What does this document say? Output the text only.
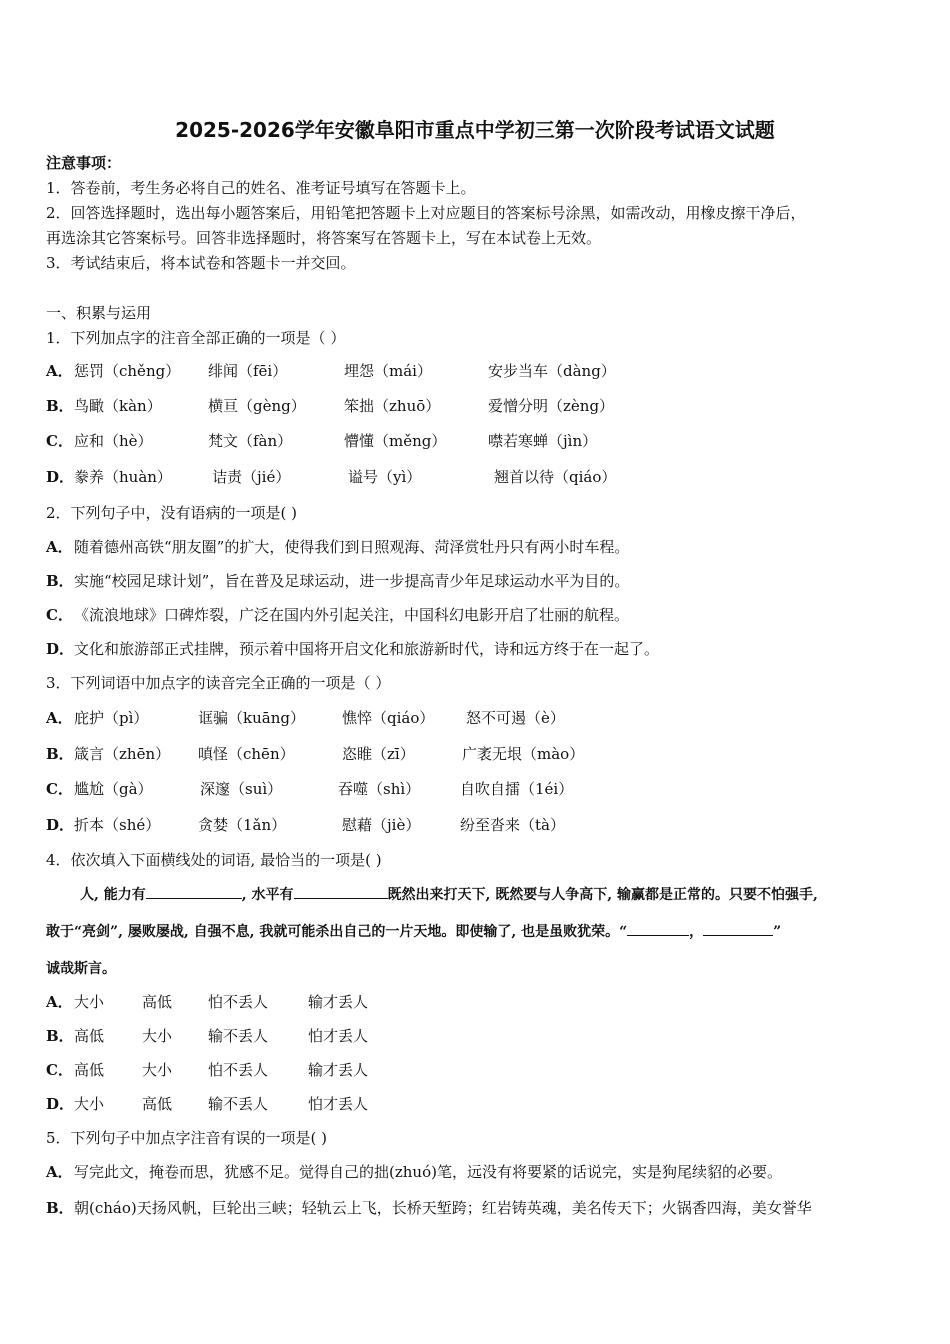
2025-2026学年安徽阜阳市重点中学初三第一次阶段考试语文试题
注意事项：
1．答卷前，考生务必将自己的姓名、准考证号填写在答题卡上。
2．回答选择题时，选出每小题答案后，用铅笔把答题卡上对应题目的答案标号涂黑，如需改动，用橡皮擦干净后，
再选涂其它答案标号。回答非选择题时，将答案写在答题卡上，写在本试卷上无效。
3．考试结束后，将本试卷和答题卡一并交回。
一、积累与运用
1．下列加点字的注音全部正确的一项是（ ）
A． 惩罚（chěng） 绯闻（fēi）	埋怨（mái）	安步当车（dàng）
B． 鸟瞰（kàn）	横亘（gèng）	笨拙（zhuō）	爱憎分明（zèng）
C． 应和（hè）	梵文（fàn）	懵懂（měng）	噤若寒蝉（jìn）
D． 豢养（huàn）	诘责（jié）	谥号（yì）	翘首以待（qiáo）
2．下列句子中，没有语病的一项是( )
A．随着德州高铁“朋友圈”的扩大，使得我们到日照观海、菏泽赏牡丹只有两小时车程。
B．实施“校园足球计划”，旨在普及足球运动，进一步提高青少年足球运动水平为目的。
C．《流浪地球》口碑炸裂，广泛在国内外引起关注，中国科幻电影开启了壮丽的航程。
D．文化和旅游部正式挂牌，预示着中国将开启文化和旅游新时代，诗和远方终于在一起了。
3．下列词语中加点字的读音完全正确的一项是（ ）
A． 庇护（pì）	诓骗（kuāng） 憔悴（qiáo） 怒不可遏（è）
B． 箴言（zhēn） 嗔怪（chēn）	恣睢（zī）	广袤无垠（mào）
C． 尴尬（gà）	深邃（suì）	吞噬（shì）	自吹自擂（1éi）
D． 折本（shé）	贪婪（1ǎn）	慰藉（jiè）	纷至沓来（tà）
4．依次填入下面横线处的词语, 最恰当的一项是( )
人, 能力有	, 水平有	既然出来打天下, 既然要与人争高下, 输赢都是正常的。只要不怕强手,
敢于“亮剑”, 屡败屡战, 自强不息, 我就可能杀出自己的一片天地。即使输了, 也是虽败犹荣。“	，	”
诚哉斯言。
A． 大小	高低 怕不丢人	输才丢人
B． 高低	大小 输不丢人	怕才丢人
C． 高低	大小 怕不丢人	输才丢人
D． 大小	高低 输不丢人	怕才丢人
5．下列句子中加点字注音有误的一项是( )
A．写完此文，掩卷而思，犹感不足。觉得自己的拙(zhuó)笔，远没有将要紧的话说完，实是狗尾续貂的必要。
B．朝(cháo)天扬风帆，巨轮出三峡；轻轨云上飞，长桥天堑跨；红岩铸英魂，美名传天下；火锅香四海，美女誉华
